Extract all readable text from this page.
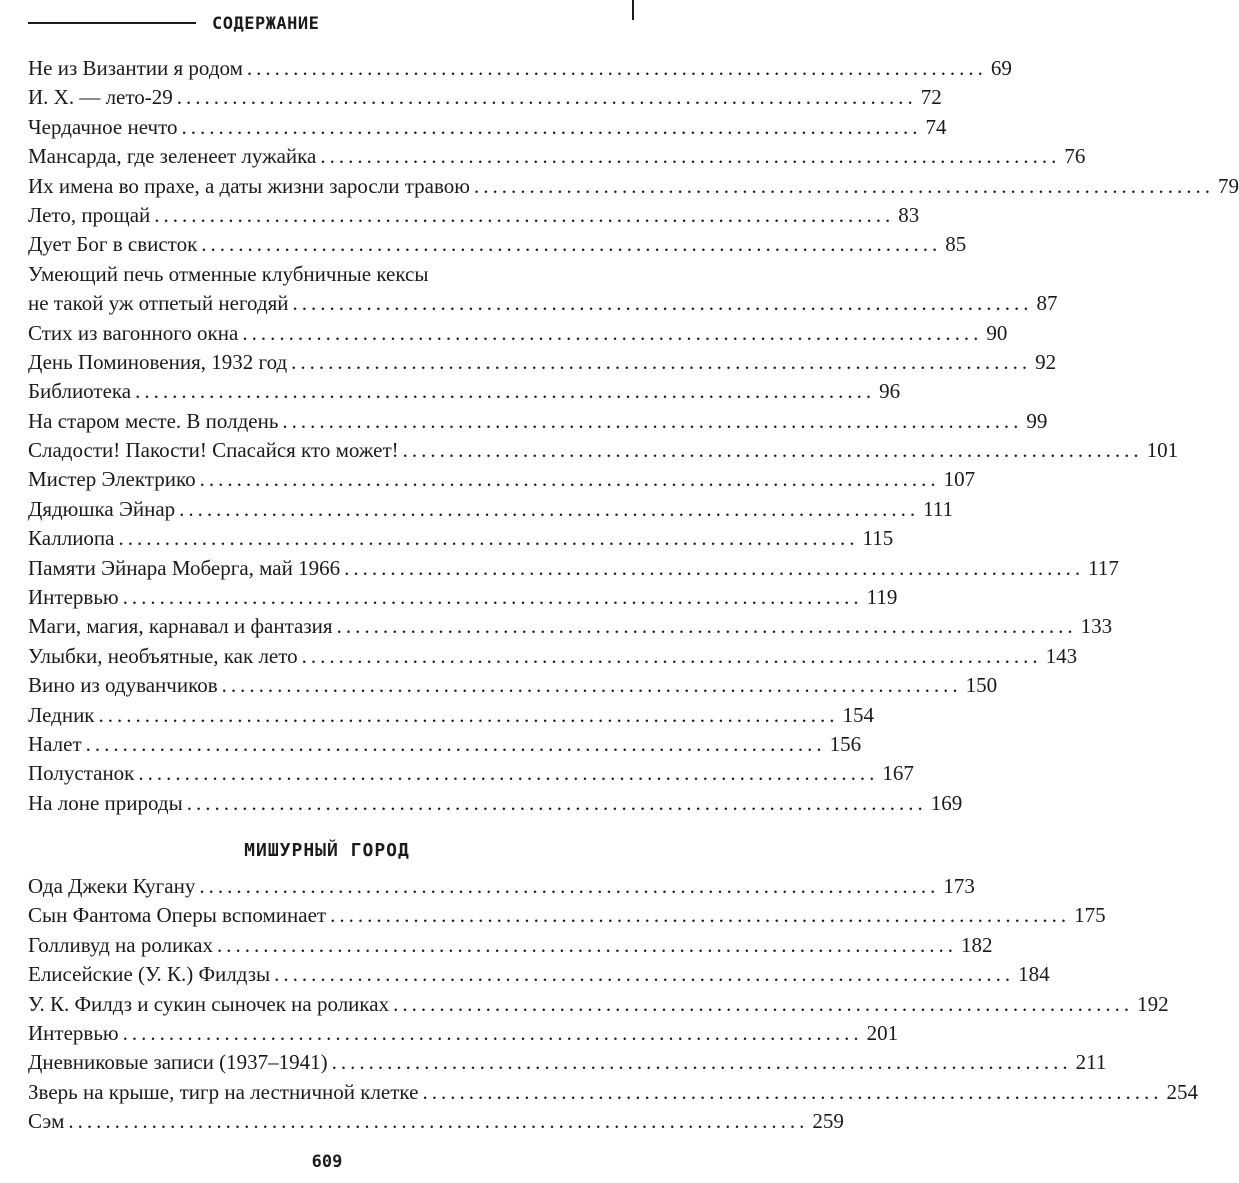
СОДЕРЖАНИЕ
Не из Византии я родом ................................................................................ 69
И. Х. — лето-29 ................................................................................ 72
Чердачное нечто ................................................................................ 74
Мансарда, где зеленеет лужайка ................................................................................ 76
Их имена во прахе, а даты жизни заросли травою ................................................................................ 79
Лето, прощай ................................................................................ 83
Дует Бог в свисток ................................................................................ 85
Умеющий печь отменные клубничные кексы
не такой уж отпетый негодяй ................................................................................ 87
Стих из вагонного окна ................................................................................ 90
День Поминовения, 1932 год ................................................................................ 92
Библиотека ................................................................................ 96
На старом месте. В полдень ................................................................................ 99
Сладости! Пакости! Спасайся кто может! ................................................................................ 101
Мистер Электрико ................................................................................ 107
Дядюшка Эйнар ................................................................................ 111
Каллиопа ................................................................................ 115
Памяти Эйнара Моберга, май 1966 ................................................................................ 117
Интервью ................................................................................ 119
Маги, магия, карнавал и фантазия ................................................................................ 133
Улыбки, необъятные, как лето ................................................................................ 143
Вино из одуванчиков ................................................................................ 150
Ледник ................................................................................ 154
Налет ................................................................................ 156
Полустанок ................................................................................ 167
На лоне природы ................................................................................ 169
МИШУРНЫЙ ГОРОД
Ода Джеки Кугану ................................................................................ 173
Сын Фантома Оперы вспоминает ................................................................................ 175
Голливуд на роликах ................................................................................ 182
Елисейские (У. К.) Филдзы ................................................................................ 184
У. К. Филдз и сукин сыночек на роликах ................................................................................ 192
Интервью ................................................................................ 201
Дневниковые записи (1937–1941) ................................................................................ 211
Зверь на крыше, тигр на лестничной клетке ................................................................................ 254
Сэм ................................................................................ 259
609
